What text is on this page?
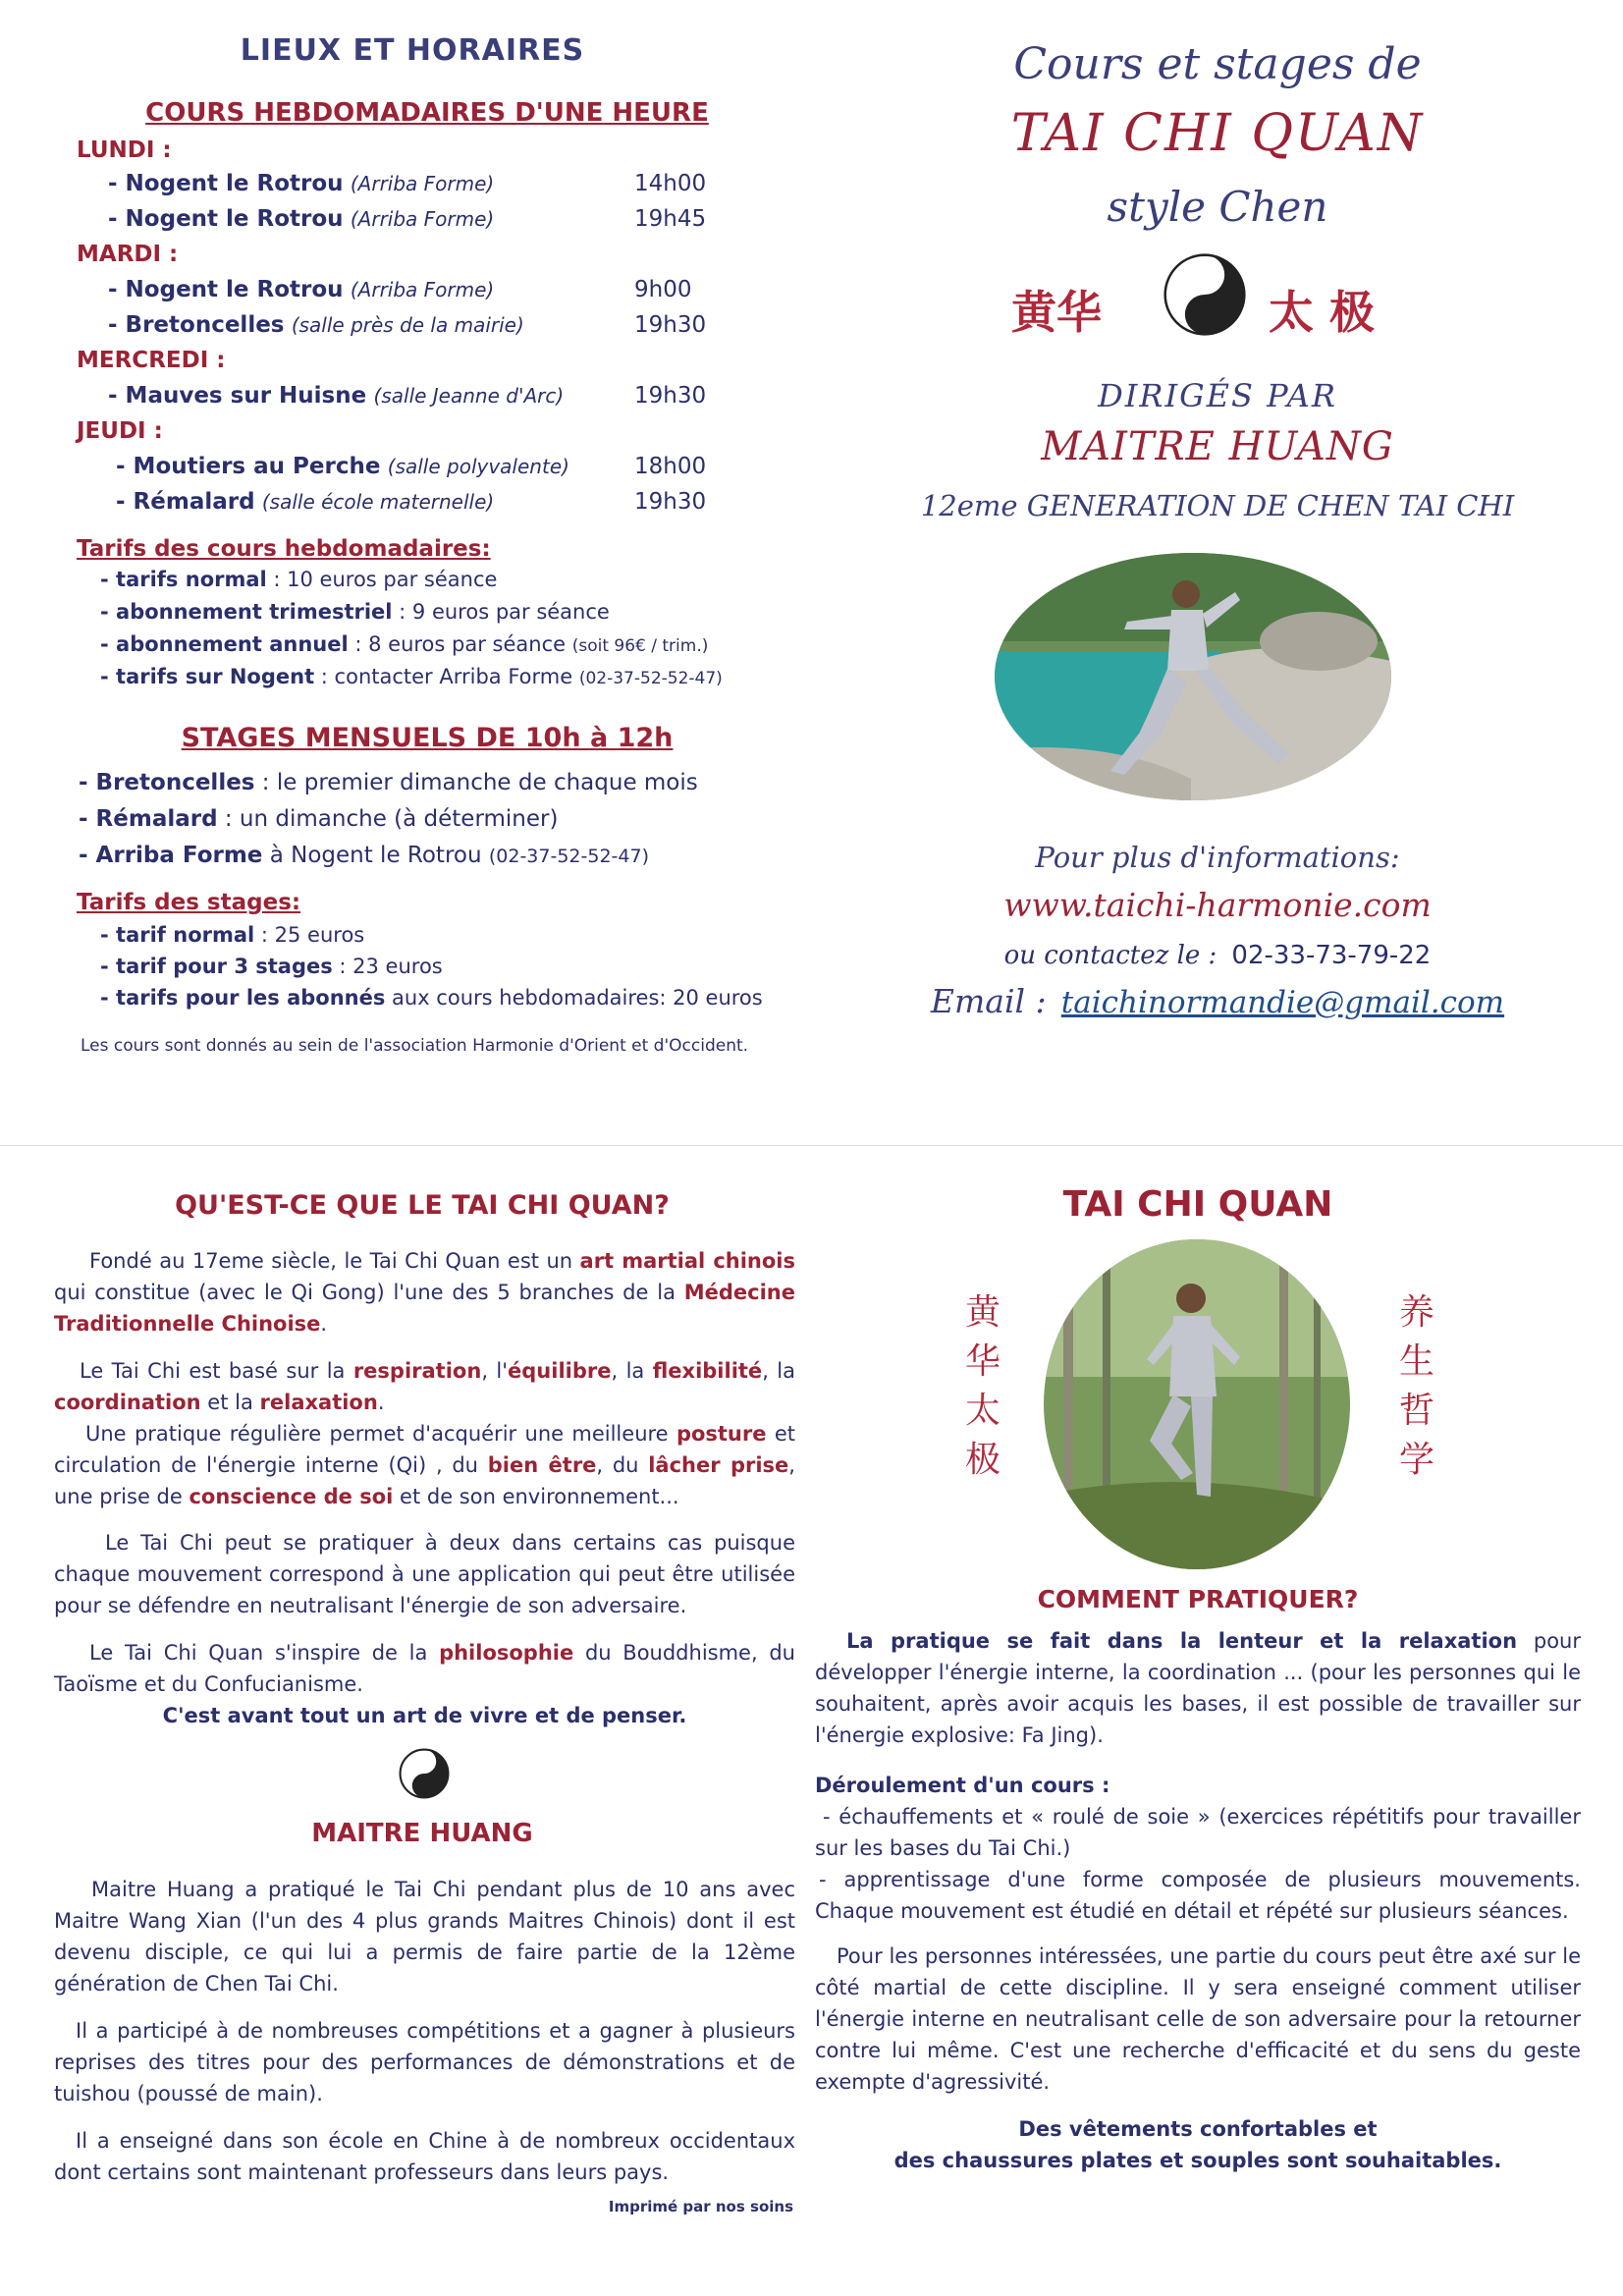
LIEUX ET HORAIRES
COURS HEBDOMADAIRES D'UNE HEURE
Tarifs des cours hebdomadaires:
STAGES MENSUELS DE 10h à 12h
Tarifs des stages:
Les cours sont donnés au sein de l'association Harmonie d'Orient et d'Occident.
Cours et stages de
TAI CHI QUAN
style Chen
黄华	太 极
DIRIGÉS PAR
MAITRE HUANG
12eme GENERATION DE CHEN TAI CHI
Pour plus d'informations:
www.taichi-harmonie.com
ou contactez le : 02-33-73-79-22
Email : taichinormandie@gmail.com
QU'EST-CE QUE LE TAI CHI QUAN?
Fondé au 17eme siècle, le Tai Chi Quan est un art martial chinois qui constitue (avec le Qi Gong) l'une des 5 branches de la Médecine Traditionnelle Chinoise.
Le Tai Chi est basé sur la respiration, l'équilibre, la flexibilité, la coordination et la relaxation.
Une pratique régulière permet d'acquérir une meilleure posture et circulation de l'énergie interne (Qi) , du bien être, du lâcher prise, une prise de conscience de soi et de son environnement...
Le Tai Chi peut se pratiquer à deux dans certains cas puisque chaque mouvement correspond à une application qui peut être utilisée pour se défendre en neutralisant l'énergie de son adversaire.
Le Tai Chi Quan s'inspire de la philosophie du Bouddhisme, du Taoïsme et du Confucianisme.
C'est avant tout un art de vivre et de penser.
MAITRE HUANG
Maitre Huang a pratiqué le Tai Chi pendant plus de 10 ans avec Maitre Wang Xian (l'un des 4 plus grands Maitres Chinois) dont il est devenu disciple, ce qui lui a permis de faire partie de la 12ème génération de Chen Tai Chi.
Il a participé à de nombreuses compétitions et a gagner à plusieurs reprises des titres pour des performances de démonstrations et de tuishou (poussé de main).
Il a enseigné dans son école en Chine à de nombreux occidentaux dont certains sont maintenant professeurs dans leurs pays.
Imprimé par nos soins
TAI CHI QUAN
黄
华
太
极
养
生
哲
学
COMMENT PRATIQUER?
La pratique se fait dans la lenteur et la relaxation pour développer l'énergie interne, la coordination ... (pour les personnes qui le souhaitent, après avoir acquis les bases, il est possible de travailler sur l'énergie explosive: Fa Jing).
Déroulement d'un cours :
- échauffements et « roulé de soie » (exercices répétitifs pour travailler sur les bases du Tai Chi.)
- apprentissage d'une forme composée de plusieurs mouvements. Chaque mouvement est étudié en détail et répété sur plusieurs séances.
Pour les personnes intéressées, une partie du cours peut être axé sur le côté martial de cette discipline. Il y sera enseigné comment utiliser l'énergie interne en neutralisant celle de son adversaire pour la retourner contre lui même. C'est une recherche d'efficacité et du sens du geste exempte d'agressivité.
Des vêtements confortables et
des chaussures plates et souples sont souhaitables.
LUNDI :
- Nogent le Rotrou (Arriba Forme)	14h00
- Nogent le Rotrou (Arriba Forme)	19h45
MARDI :
- Nogent le Rotrou (Arriba Forme)	9h00
- Bretoncelles (salle près de la mairie)	19h30
MERCREDI :
- Mauves sur Huisne (salle Jeanne d'Arc)	19h30
JEUDI :
- Moutiers au Perche (salle polyvalente)	18h00
- Rémalard (salle école maternelle)	19h30
- tarifs normal : 10 euros par séance
- abonnement trimestriel : 9 euros par séance
- abonnement annuel : 8 euros par séance (soit 96€ / trim.)
- tarifs sur Nogent : contacter Arriba Forme (02-37-52-52-47)
- Bretoncelles : le premier dimanche de chaque mois
- Rémalard : un dimanche (à déterminer)
- Arriba Forme à Nogent le Rotrou (02-37-52-52-47)
- tarif normal : 25 euros
- tarif pour 3 stages : 23 euros
- tarifs pour les abonnés aux cours hebdomadaires: 20 euros
